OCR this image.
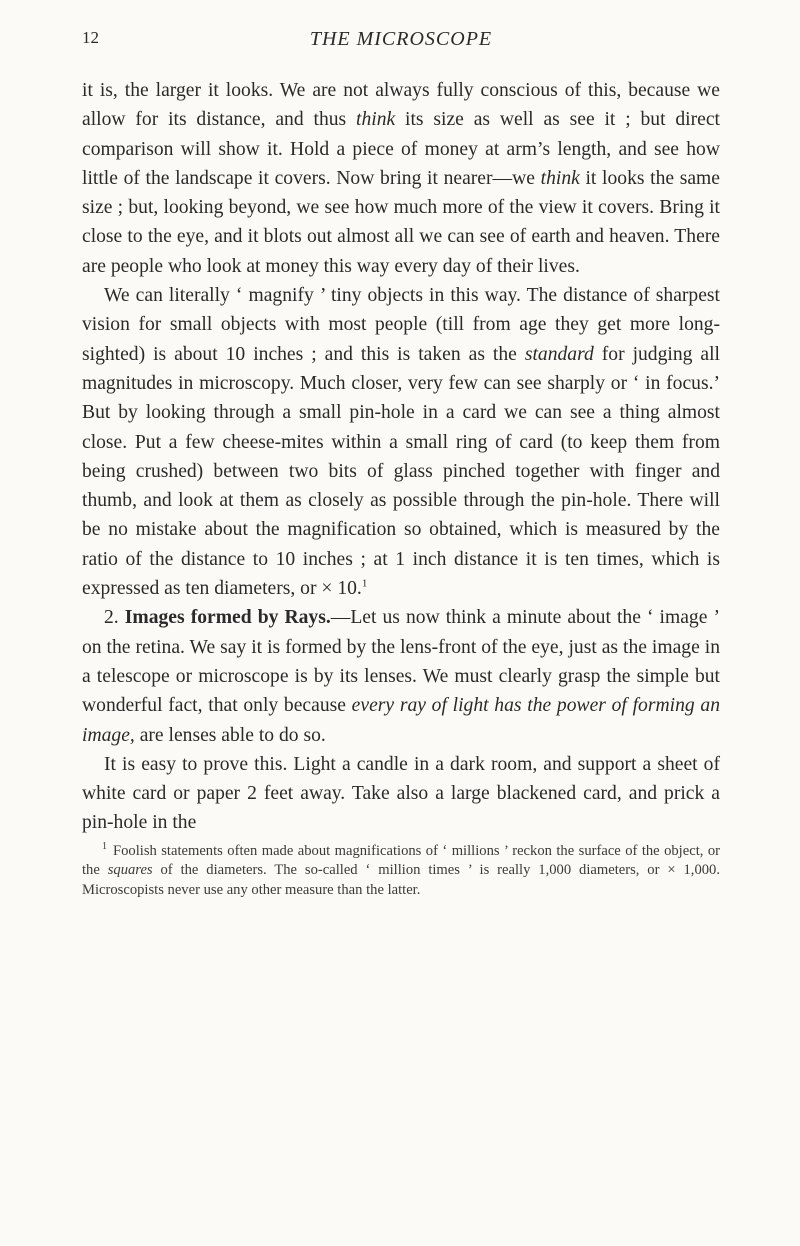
12	THE MICROSCOPE

it is, the larger it looks. We are not always fully conscious of this, because we allow for its distance, and thus think its size as well as see it ; but direct comparison will show it. Hold a piece of money at arm’s length, and see how little of the landscape it covers. Now bring it nearer—we think it looks the same size ; but, looking beyond, we see how much more of the view it covers. Bring it close to the eye, and it blots out almost all we can see of earth and heaven. There are people who look at money this way every day of their lives.

We can literally ‘ magnify ’ tiny objects in this way. The distance of sharpest vision for small objects with most people (till from age they get more long-sighted) is about 10 inches ; and this is taken as the standard for judging all magnitudes in microscopy. Much closer, very few can see sharply or ‘ in focus.’ But by looking through a small pin-hole in a card we can see a thing almost close. Put a few cheese-mites within a small ring of card (to keep them from being crushed) between two bits of glass pinched together with finger and thumb, and look at them as closely as possible through the pin-hole. There will be no mistake about the magnification so obtained, which is measured by the ratio of the distance to 10 inches ; at 1 inch distance it is ten times, which is expressed as ten diameters, or × 10.$^1$

2. Images formed by Rays.—Let us now think a minute about the ‘ image ’ on the retina. We say it is formed by the lens-front of the eye, just as the image in a telescope or microscope is by its lenses. We must clearly grasp the simple but wonderful fact, that only because every ray of light has the power of forming an image, are lenses able to do so.

It is easy to prove this. Light a candle in a dark room, and support a sheet of white card or paper 2 feet away. Take also a large blackened card, and prick a pin-hole in the

$^1$ Foolish statements often made about magnifications of ‘ millions ’ reckon the surface of the object, or the squares of the diameters. The so-called ‘ million times ’ is really 1,000 diameters, or × 1,000. Microscopists never use any other measure than the latter.
